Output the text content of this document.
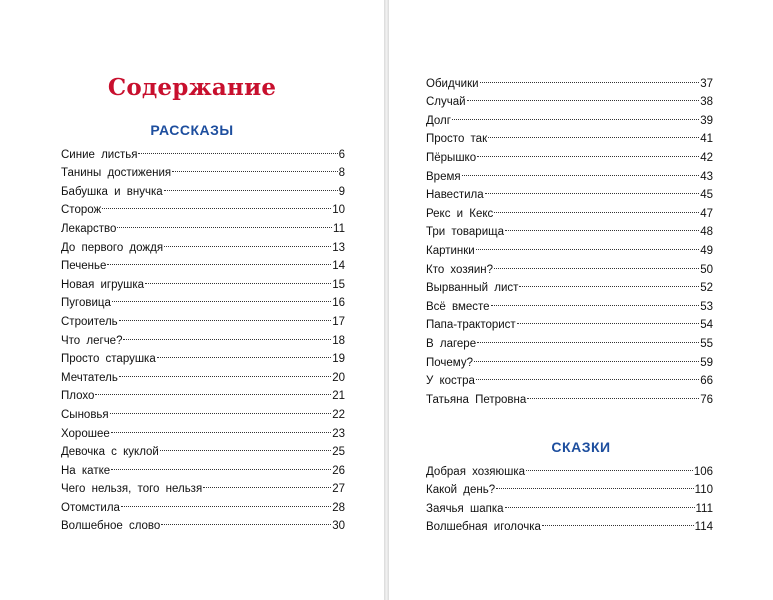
Содержание
РАССКАЗЫ
Синие листья	6
Танины достижения	8
Бабушка и внучка	9
Сторож	10
Лекарство	11
До первого дождя	13
Печенье	14
Новая игрушка	15
Пуговица	16
Строитель	17
Что легче?	18
Просто старушка	19
Мечтатель	20
Плохо	21
Сыновья	22
Хорошее	23
Девочка с куклой	25
На катке	26
Чего нельзя, того нельзя	27
Отомстила	28
Волшебное слово	30
Обидчики	37
Случай	38
Долг	39
Просто так	41
Пёрышко	42
Время	43
Навестила	45
Рекс и Кекс	47
Три товарища	48
Картинки	49
Кто хозяин?	50
Вырванный лист	52
Всё вместе	53
Папа-тракторист	54
В лагере	55
Почему?	59
У костра	66
Татьяна Петровна	76
СКАЗКИ
Добрая хозяюшка	106
Какой день?	110
Заячья шапка	111
Волшебная иголочка	114
